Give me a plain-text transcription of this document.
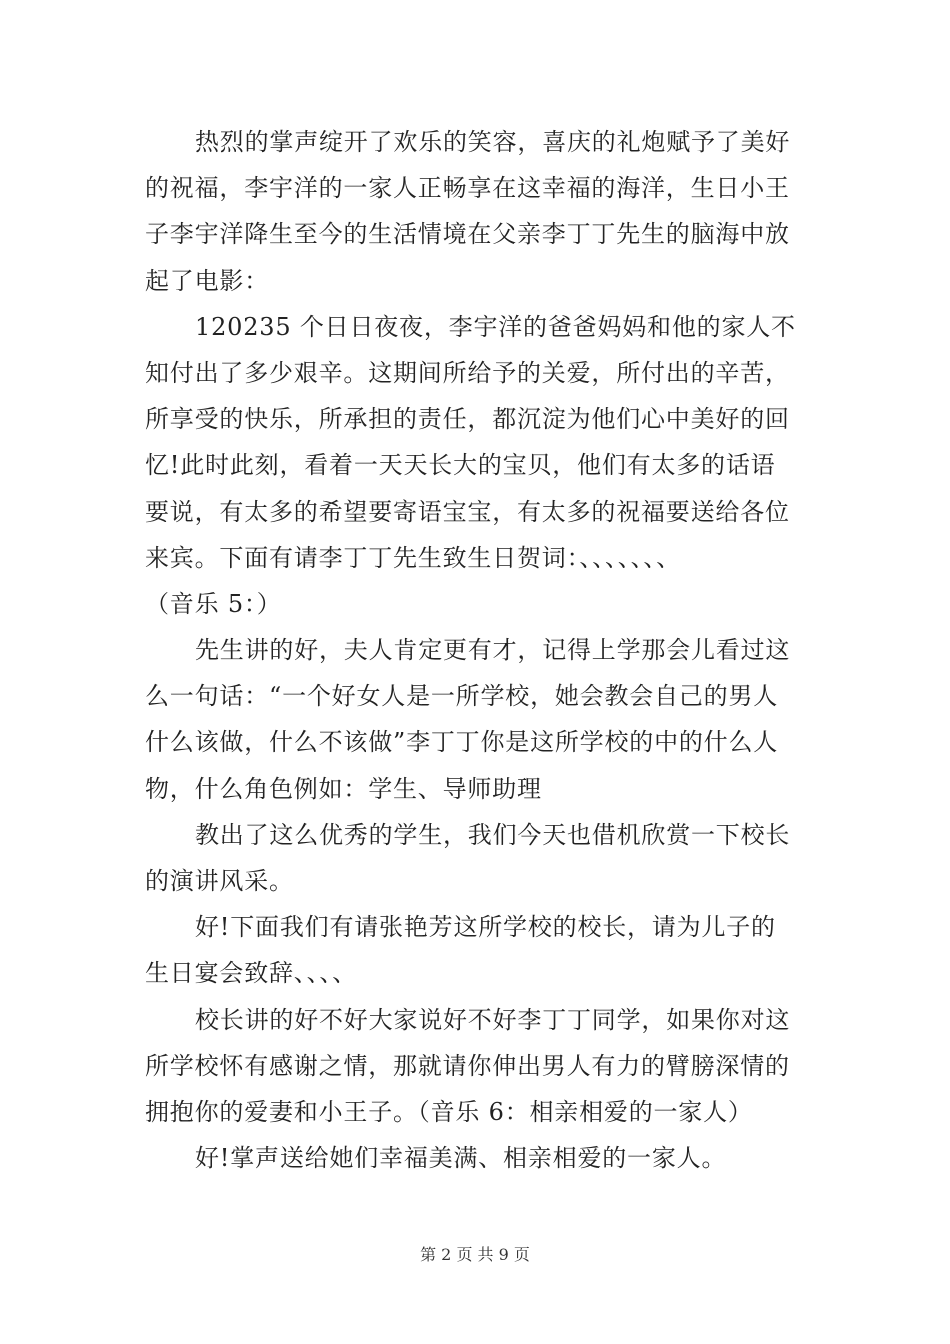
热烈的掌声绽开了欢乐的笑容，喜庆的礼炮赋予了美好
的祝福，李宇洋的一家人正畅享在这幸福的海洋，生日小王
子李宇洋降生至今的生活情境在父亲李丁丁先生的脑海中放
起了电影：
120235 个日日夜夜，李宇洋的爸爸妈妈和他的家人不
知付出了多少艰辛。这期间所给予的关爱，所付出的辛苦，
所享受的快乐，所承担的责任，都沉淀为他们心中美好的回
忆!此时此刻，看着一天天长大的宝贝，他们有太多的话语
要说，有太多的希望要寄语宝宝，有太多的祝福要送给各位
来宾。下面有请李丁丁先生致生日贺词：、、、、、、、
（音乐 5：）
先生讲的好，夫人肯定更有才，记得上学那会儿看过这
么一句话：“一个好女人是一所学校，她会教会自己的男人
什么该做，什么不该做”李丁丁你是这所学校的中的什么人
物，什么角色例如：学生、导师助理
教出了这么优秀的学生，我们今天也借机欣赏一下校长
的演讲风采。
好!下面我们有请张艳芳这所学校的校长，请为儿子的
生日宴会致辞、、、、
校长讲的好不好大家说好不好李丁丁同学，如果你对这
所学校怀有感谢之情，那就请你伸出男人有力的臂膀深情的
拥抱你的爱妻和小王子。（音乐 6：相亲相爱的一家人）
好!掌声送给她们幸福美满、相亲相爱的一家人。
第 2 页 共 9 页
